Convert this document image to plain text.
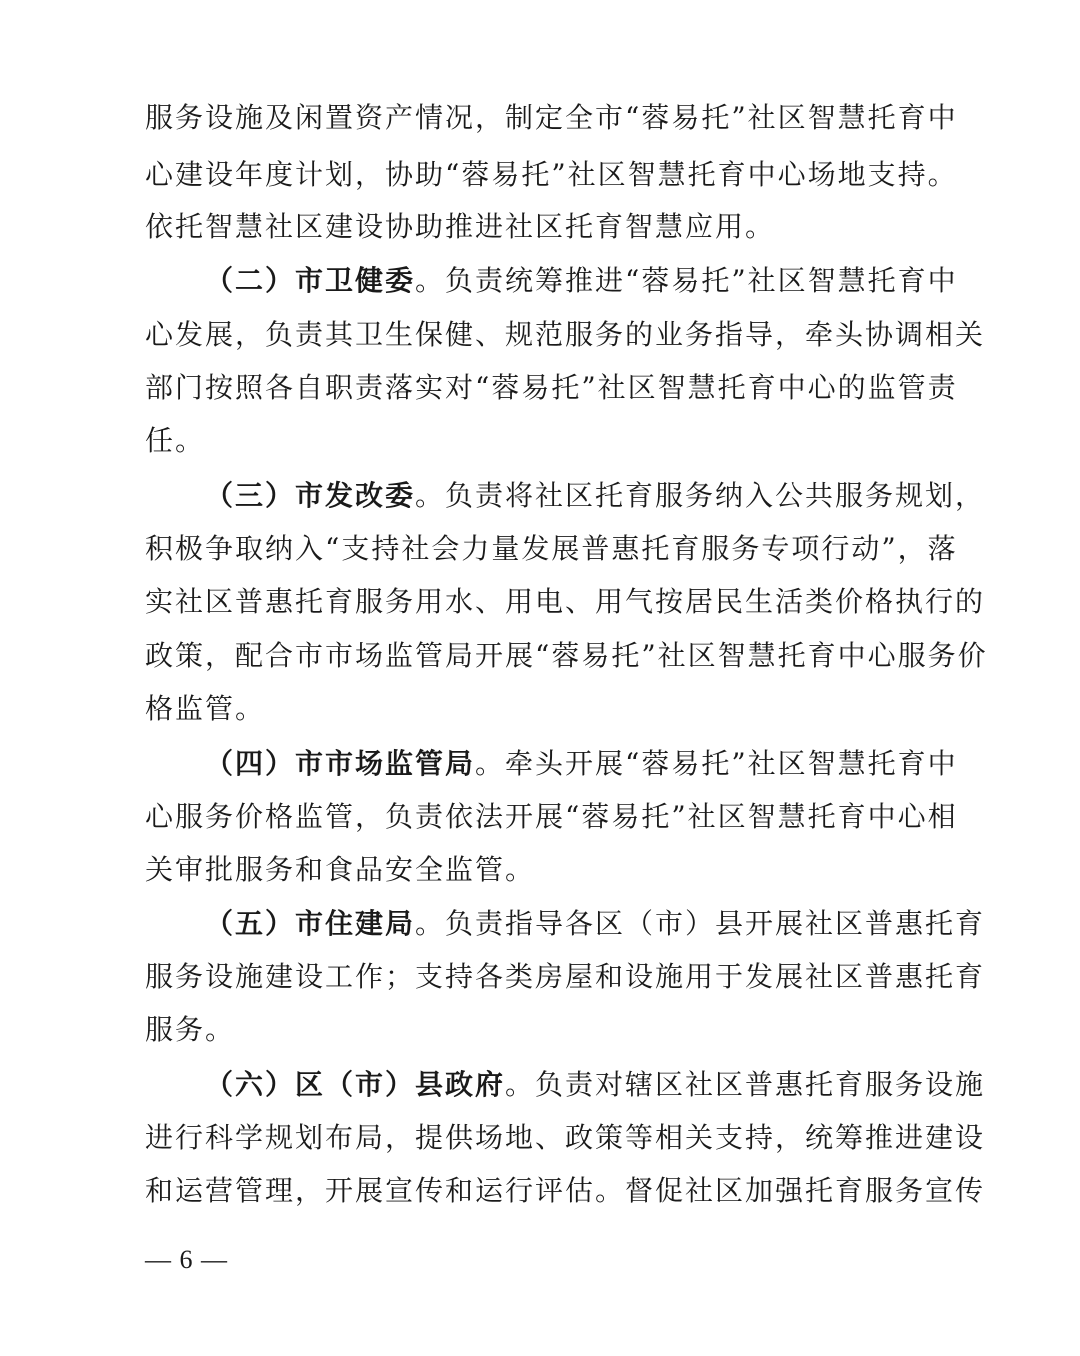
服务设施及闲置资产情况，制定全市“蓉易托”社区智慧托育中
心建设年度计划，协助“蓉易托”社区智慧托育中心场地支持。
依托智慧社区建设协助推进社区托育智慧应用。
（二）市卫健委。负责统筹推进“蓉易托”社区智慧托育中
心发展，负责其卫生保健、规范服务的业务指导，牵头协调相关
部门按照各自职责落实对“蓉易托”社区智慧托育中心的监管责
任。
（三）市发改委。负责将社区托育服务纳入公共服务规划，
积极争取纳入“支持社会力量发展普惠托育服务专项行动”，落
实社区普惠托育服务用水、用电、用气按居民生活类价格执行的
政策，配合市市场监管局开展“蓉易托”社区智慧托育中心服务价
格监管。
（四）市市场监管局。牵头开展“蓉易托”社区智慧托育中
心服务价格监管，负责依法开展“蓉易托”社区智慧托育中心相
关审批服务和食品安全监管。
（五）市住建局。负责指导各区（市）县开展社区普惠托育
服务设施建设工作；支持各类房屋和设施用于发展社区普惠托育
服务。
（六）区（市）县政府。负责对辖区社区普惠托育服务设施
进行科学规划布局，提供场地、政策等相关支持，统筹推进建设
和运营管理，开展宣传和运行评估。督促社区加强托育服务宣传
— 6 —
